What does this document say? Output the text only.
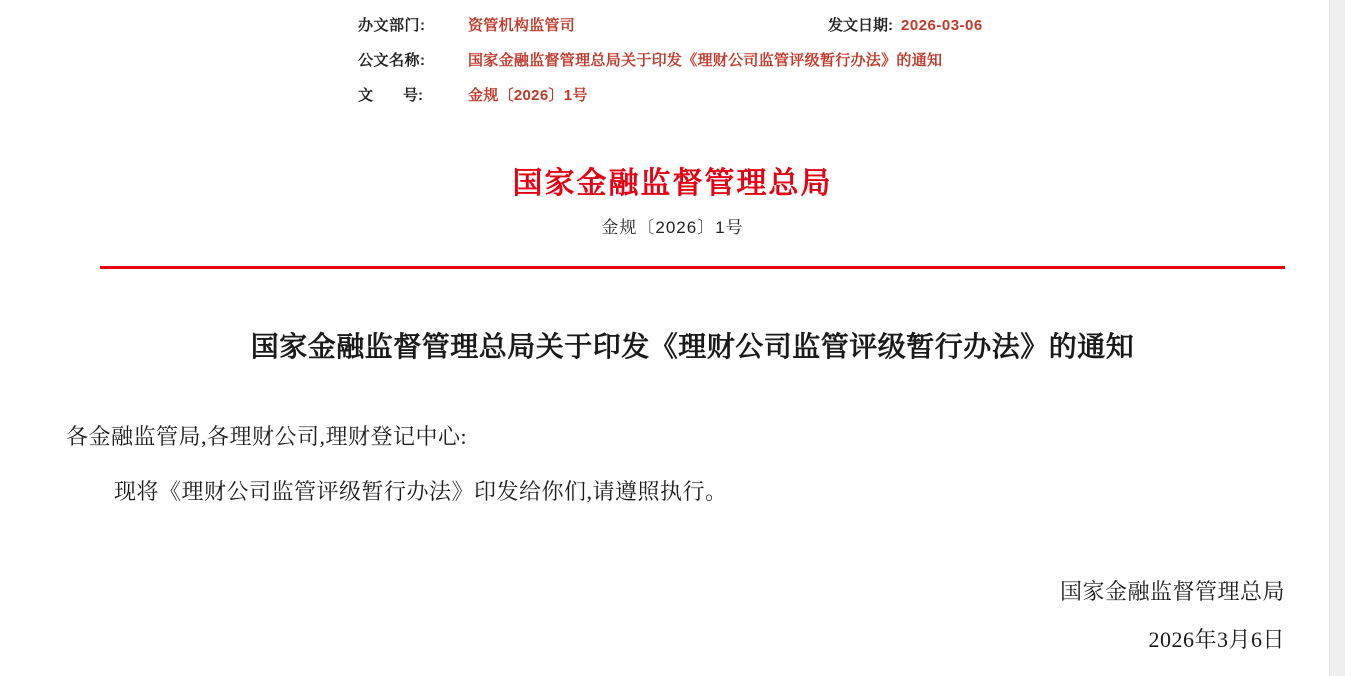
办文部门:	资管机构监管司	发文日期: 2026-03-06
公文名称:	国家金融监督管理总局关于印发《理财公司监管评级暂行办法》的通知
文　　号:	金规〔2026〕1号
国家金融监督管理总局
金规〔2026〕1号
国家金融监督管理总局关于印发《理财公司监管评级暂行办法》的通知
各金融监管局,各理财公司,理财登记中心:
现将《理财公司监管评级暂行办法》印发给你们,请遵照执行。
国家金融监督管理总局
2026年3月6日
